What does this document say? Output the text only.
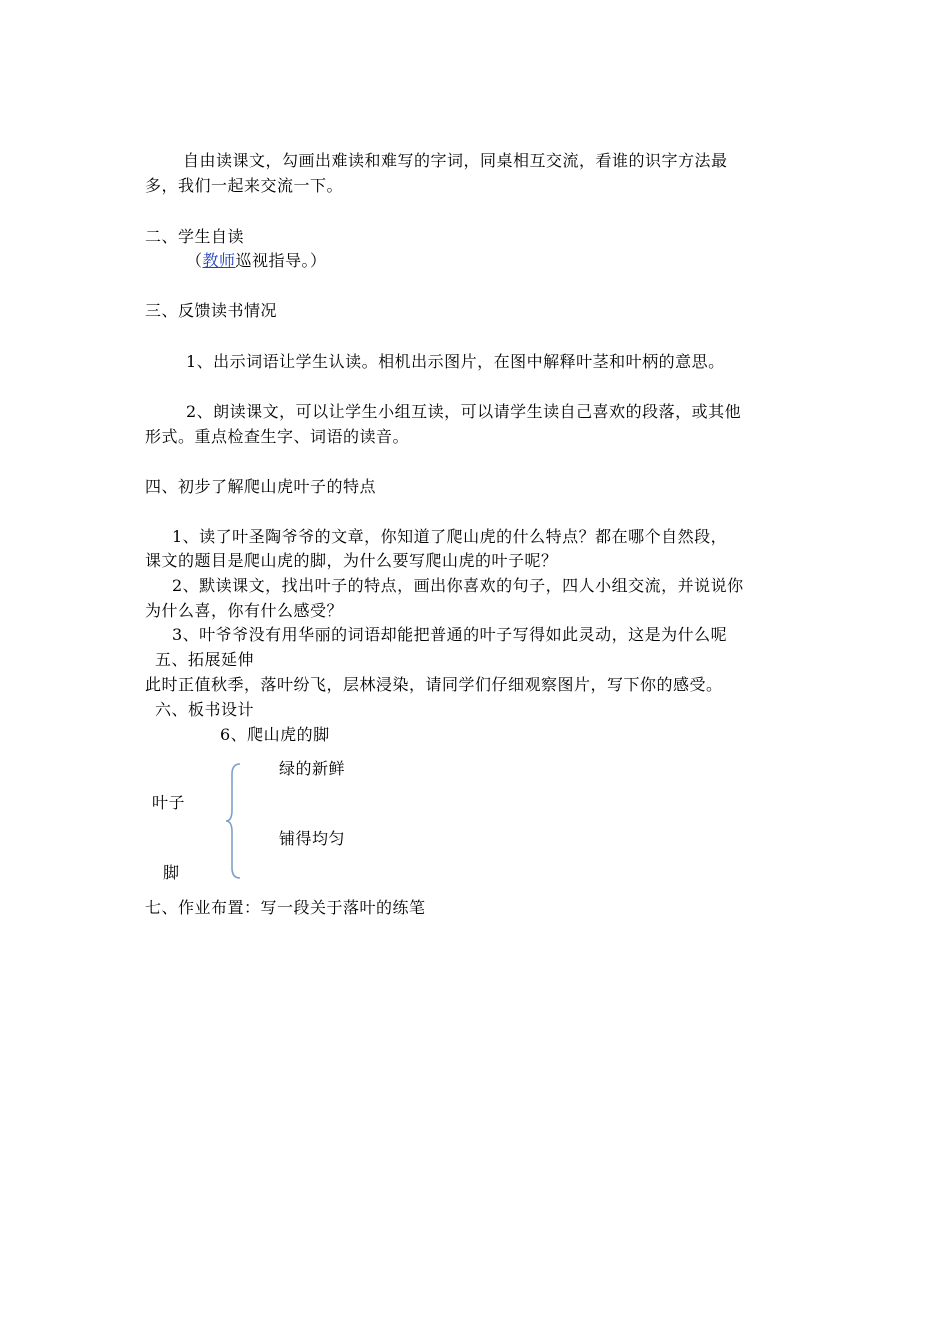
自由读课文，勾画出难读和难写的字词，同桌相互交流，看谁的识字方法最
多，我们一起来交流一下。
二、学生自读
（教师巡视指导。）
三、反馈读书情况
1、出示词语让学生认读。相机出示图片，在图中解释叶茎和叶柄的意思。
2、朗读课文，可以让学生小组互读，可以请学生读自己喜欢的段落，或其他
形式。重点检查生字、词语的读音。
四、初步了解爬山虎叶子的特点
1、读了叶圣陶爷爷的文章，你知道了爬山虎的什么特点？都在哪个自然段，
课文的题目是爬山虎的脚，为什么要写爬山虎的叶子呢？
2、默读课文，找出叶子的特点，画出你喜欢的句子，四人小组交流，并说说你
为什么喜，你有什么感受？
3、叶爷爷没有用华丽的词语却能把普通的叶子写得如此灵动，这是为什么呢
五、拓展延伸
此时正值秋季，落叶纷飞，层林浸染，请同学们仔细观察图片，写下你的感受。
六、板书设计
6、爬山虎的脚
绿的新鲜
叶子
铺得均匀
脚
七、作业布置：写一段关于落叶的练笔
